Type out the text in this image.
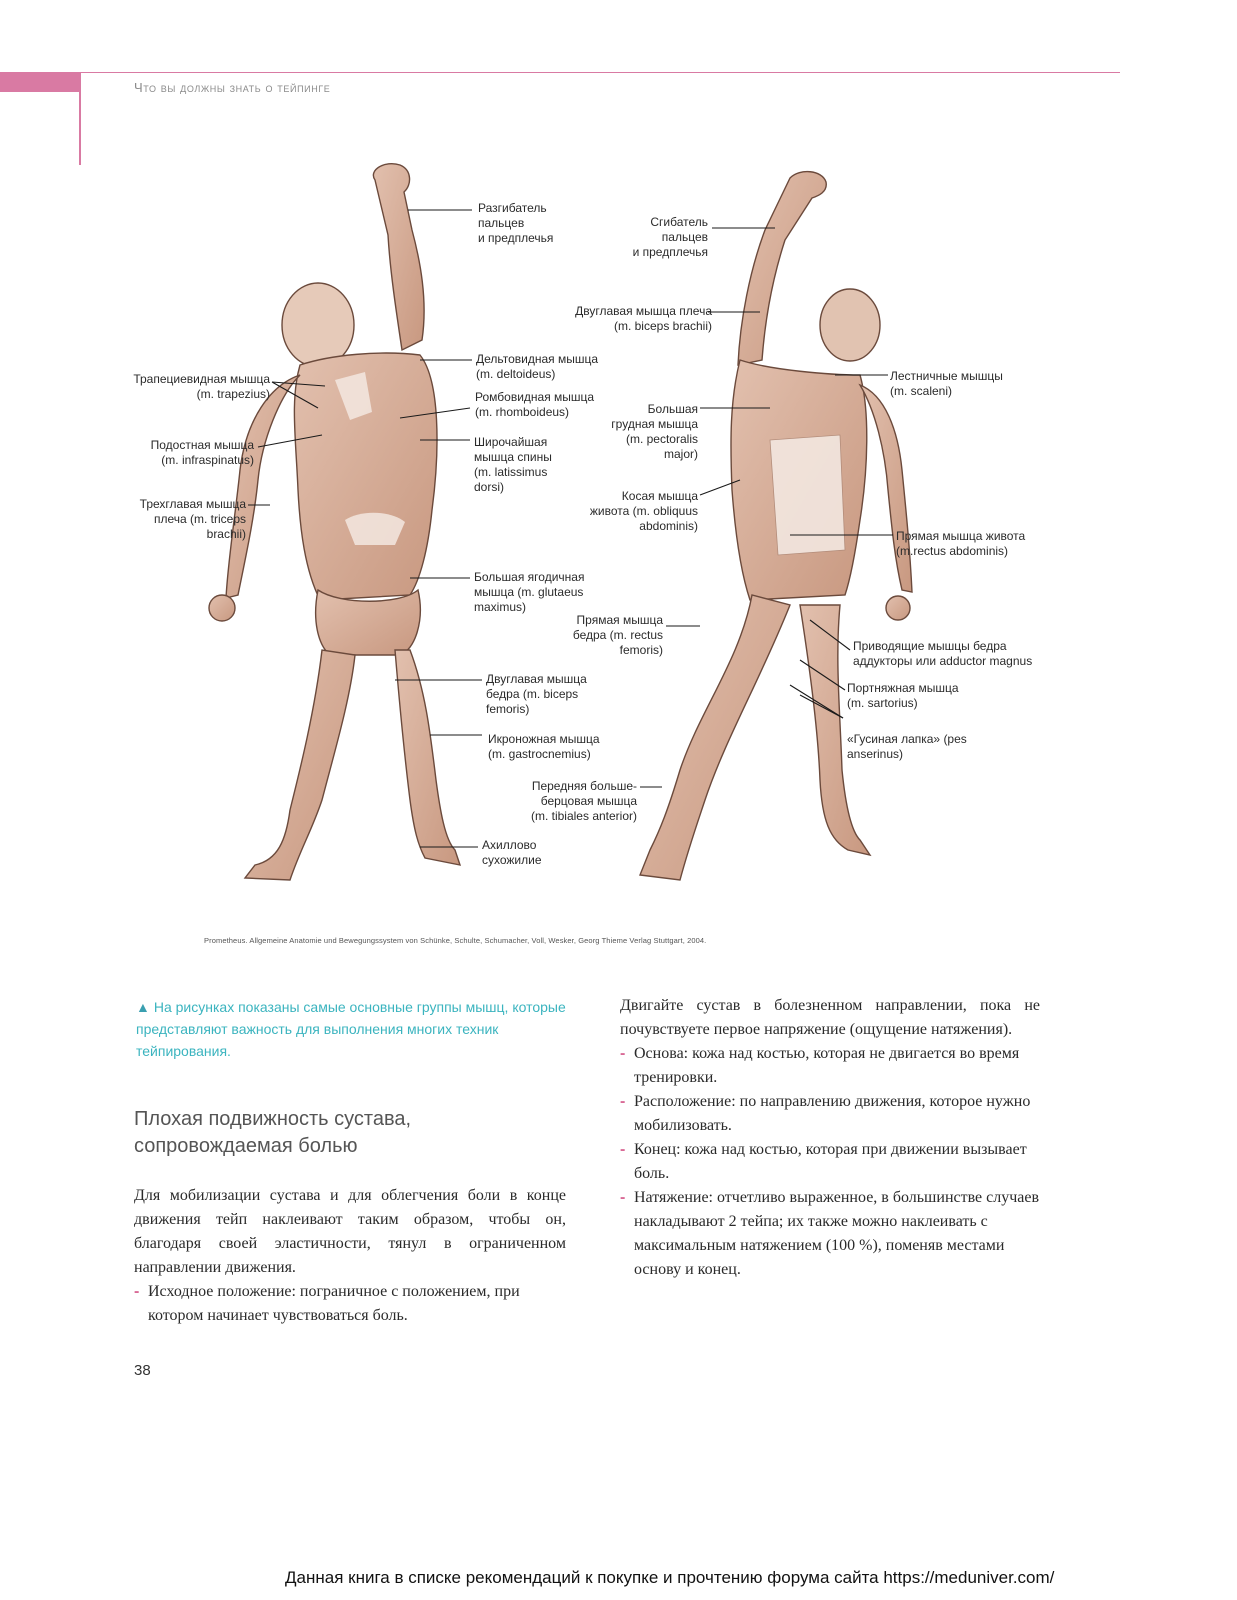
Что вы должны знать о тейпинге
Разгибатель
пальцев
и предплечья
Дельтовидная мышца
(m. deltoideus)
Трапециевидная мышца
(m. trapezius)	Ромбовидная мышца
(m. rhomboideus)
Подостная мышца
(m. infraspinatus)
Широчайшая
мышца спины
(m. latissimus
dorsi)
Трехглавая мышца
плеча (m. triceps
brachii)
Большая ягодичная
мышца (m. glutaeus
maximus)
Двуглавая мышца
бедра (m. biceps
femoris)
Икроножная мышца
(m. gastrocnemius)
Ахиллово
сухожилие
Сгибатель
пальцев
и предплечья
Двуглавая мышца плеча
(m. biceps brachii)
Лестничные мышцы
(m. scaleni)
Большая
грудная мышца
(m. pectoralis
major)
Косая мышца
живота (m. obliquus
abdominis)
Прямая мышца живота
(m.rectus abdominis)
Прямая мышца
бедра (m. rectus
femoris)	Приводящие мышцы бедра
аддукторы или adductor magnus
Портняжная мышца
(m. sartorius)
«Гусиная лапка» (pes
anserinus)
Передняя больше-
берцовая мышца
(m. tibiales anterior)
Prometheus. Allgemeine Anatomie und Bewegungssystem von Schünke, Schulte, Schumacher, Voll, Wesker, Georg Thieme Verlag Stuttgart, 2004.
▲ На рисунках показаны самые основные группы мышц, которые представляют важность для выполнения многих техник тейпирования.
Плохая подвижность сустава, сопровождаемая болью

Для мобилизации сустава и для облегчения боли в конце движения тейп наклеивают таким образом, чтобы он, благодаря своей эластичности, тянул в ограниченном направлении движения.

‑ Исходное положение: пограничное с положением, при котором начинает чувствоваться боль.

Двигайте сустав в болезненном направлении, пока не почувствуете первое напряжение (ощущение натяжения).

‑ Основа: кожа над костью, которая не двигается во время тренировки.

‑ Расположение: по направлению движения, которое нужно мобилизовать.

‑ Конец: кожа над костью, которая при движении вызывает боль.

‑ Натяжение: отчетливо выраженное, в большинстве случаев накладывают 2 тейпа; их также можно наклеивать с максимальным натяжением (100 %), поменяв местами основу и конец.

38
Данная книга в списке рекомендаций к покупке и прочтению форума сайта https://meduniver.com/
